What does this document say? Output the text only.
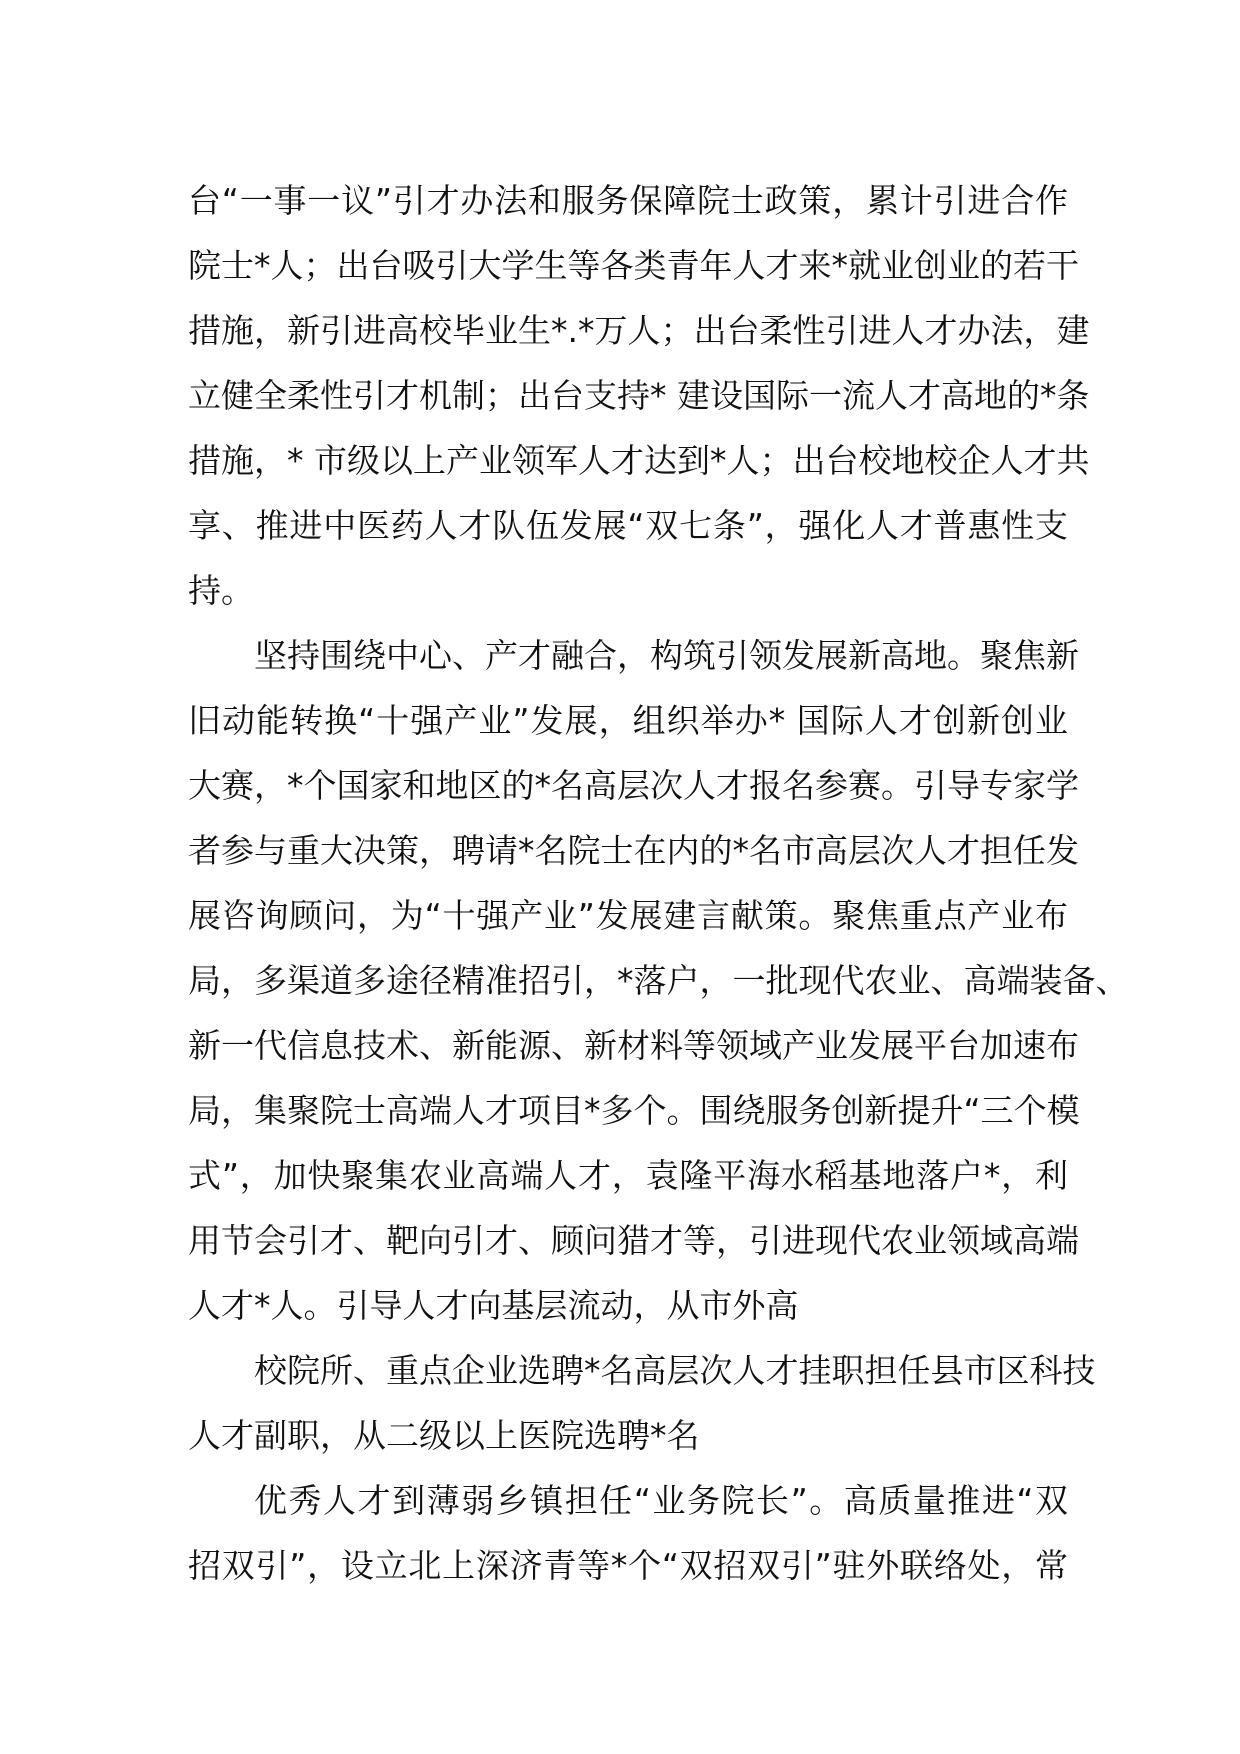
台“一事一议”引才办法和服务保障院士政策，累计引进合作
院士*人；出台吸引大学生等各类青年人才来*就业创业的若干
措施，新引进高校毕业生*.*万人；出台柔性引进人才办法，建
立健全柔性引才机制；出台支持* 建设国际一流人才高地的*条
措施，* 市级以上产业领军人才达到*人；出台校地校企人才共
享、推进中医药人才队伍发展“双七条”，强化人才普惠性支
持。
坚持围绕中心、产才融合，构筑引领发展新高地。聚焦新
旧动能转换“十强产业”发展，组织举办* 国际人才创新创业
大赛，*个国家和地区的*名高层次人才报名参赛。引导专家学
者参与重大决策，聘请*名院士在内的*名市高层次人才担任发
展咨询顾问，为“十强产业”发展建言献策。聚焦重点产业布
局，多渠道多途径精准招引，*落户，一批现代农业、高端装备、
新一代信息技术、新能源、新材料等领域产业发展平台加速布
局，集聚院士高端人才项目*多个。围绕服务创新提升“三个模
式”，加快聚集农业高端人才，袁隆平海水稻基地落户*，利
用节会引才、靶向引才、顾问猎才等，引进现代农业领域高端
人才*人。引导人才向基层流动，从市外高
校院所、重点企业选聘*名高层次人才挂职担任县市区科技
人才副职，从二级以上医院选聘*名
优秀人才到薄弱乡镇担任“业务院长”。高质量推进“双
招双引”，设立北上深济青等*个“双招双引”驻外联络处，常
